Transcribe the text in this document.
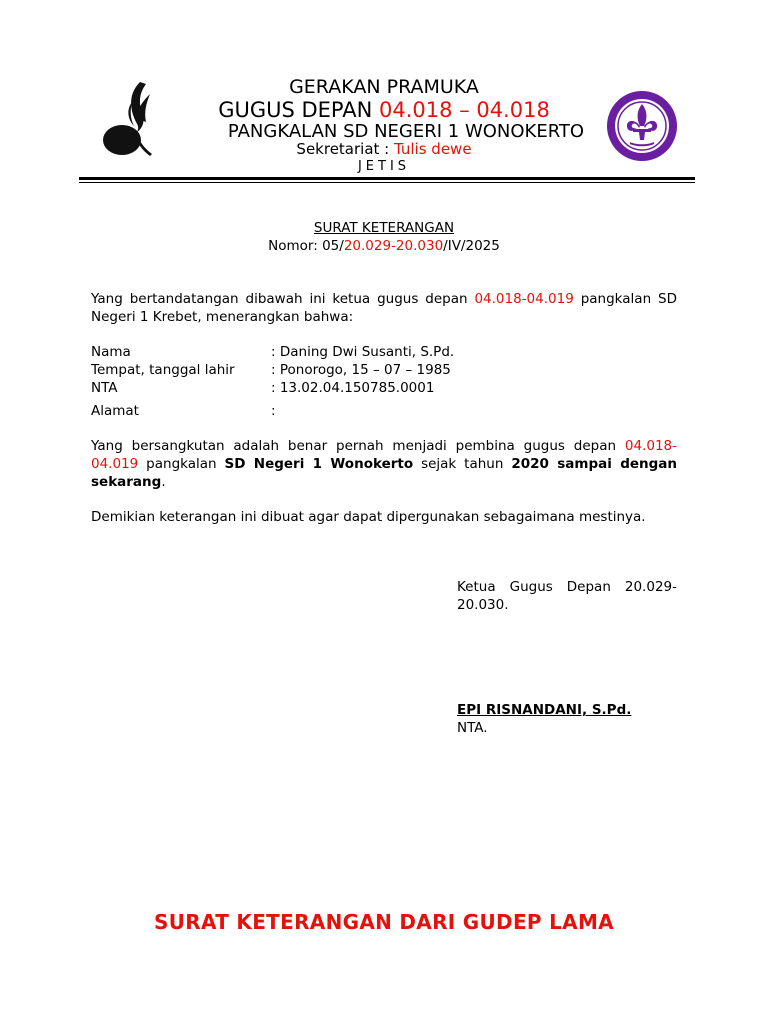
GERAKAN PRAMUKA
GUGUS DEPAN 04.018 – 04.018
PANGKALAN SD NEGERI 1 WONOKERTO
Sekretariat : Tulis dewe
JETIS
SURAT KETERANGAN
Nomor: 05/20.029-20.030/IV/2025
Yang bertandatangan dibawah ini ketua gugus depan 04.018-04.019 pangkalan SD Negeri 1 Krebet, menerangkan bahwa:
Nama	: Daning Dwi Susanti, S.Pd.
Tempat, tanggal lahir	: Ponorogo, 15 – 07 – 1985
NTA	: 13.02.04.150785.0001
Alamat	:
Yang bersangkutan adalah benar pernah menjadi pembina gugus depan 04.018-04.019 pangkalan SD Negeri 1 Wonokerto sejak tahun 2020 sampai dengan sekarang.
Demikian keterangan ini dibuat agar dapat dipergunakan sebagaimana mestinya.
Ketua Gugus Depan 20.029-20.030.
EPI RISNANDANI, S.Pd.
NTA.
SURAT KETERANGAN DARI GUDEP LAMA
